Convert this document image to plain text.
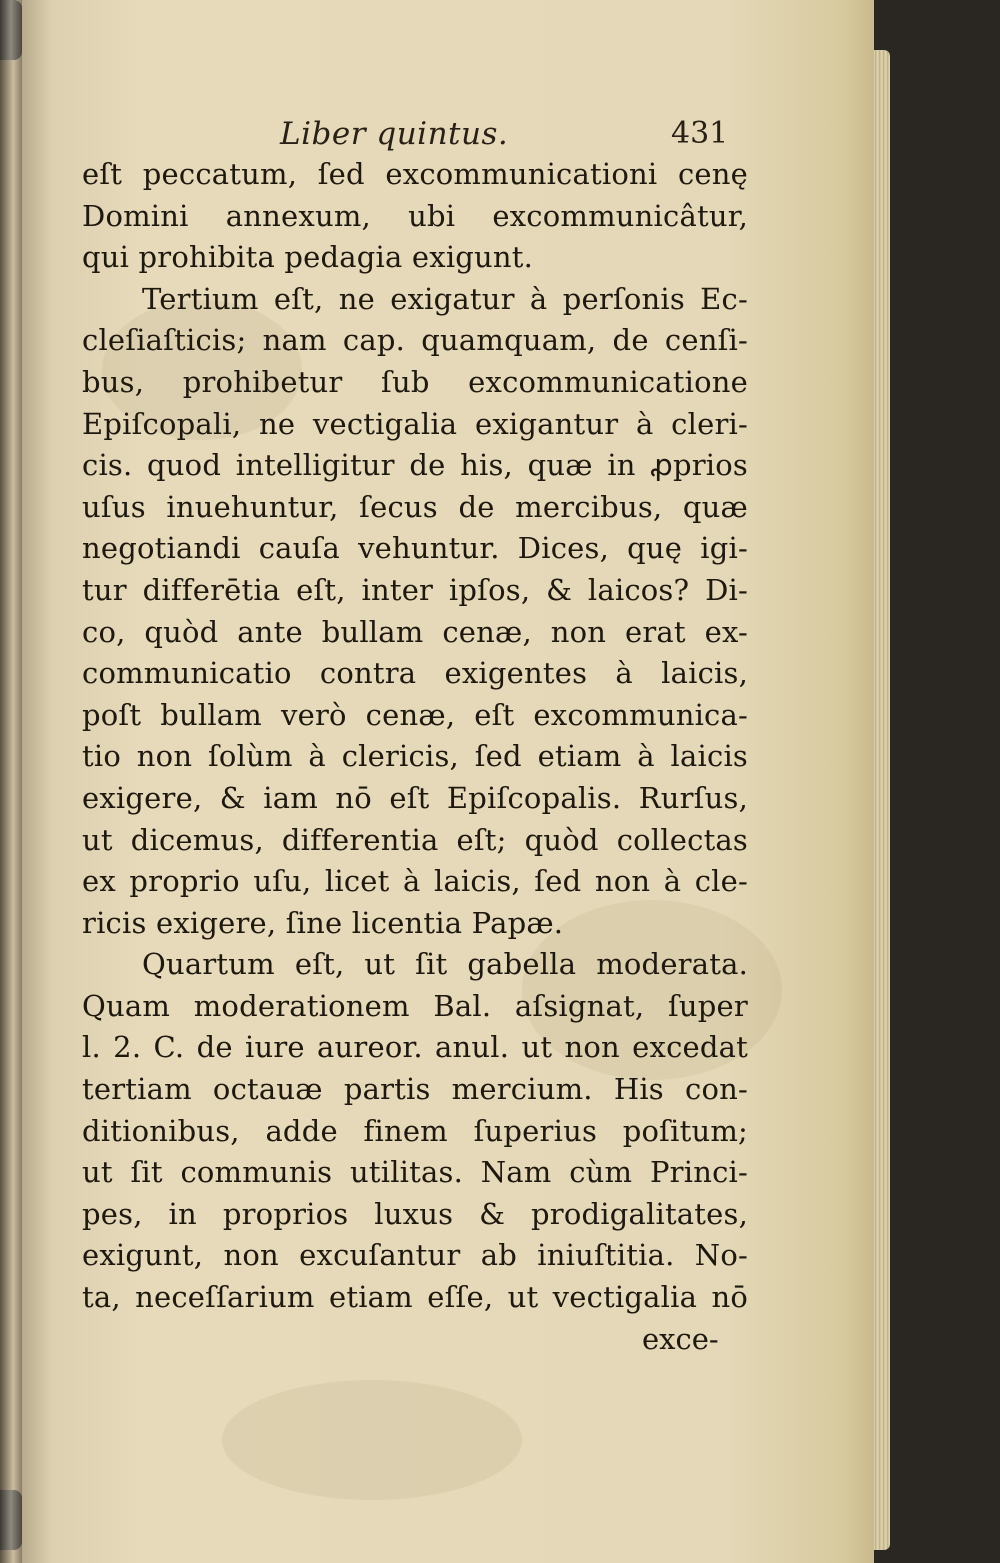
Liber quintus.	431
eſt peccatum, ſed excommunicationi cenę
Domini annexum, ubi excommunicâtur,
qui prohibita pedagia exigunt.
Tertium eſt, ne exigatur à perſonis Ec-
cleſiaſticis; nam cap. quamquam, de cenſi-
bus, prohibetur ſub excommunicatione
Epiſcopali, ne vectigalia exigantur à cleri-
cis. quod intelligitur de his, quæ in ꝓprios
uſus inuehuntur, ſecus de mercibus, quæ
negotiandi cauſa vehuntur. Dices, quę igi-
tur differētia eſt, inter ipſos, & laicos? Di-
co, quòd ante bullam cenæ, non erat ex-
communicatio contra exigentes à laicis,
poſt bullam verò cenæ, eſt excommunica-
tio non ſolùm à clericis, ſed etiam à laicis
exigere, & iam nō eſt Epiſcopalis. Rurſus,
ut dicemus, differentia eſt; quòd collectas
ex proprio uſu, licet à laicis, ſed non à cle-
ricis exigere, ſine licentia Papæ.
Quartum eſt, ut ſit gabella moderata.
Quam moderationem Bal. aſsignat, ſuper
l. 2. C. de iure aureor. anul. ut non excedat
tertiam octauæ partis mercium. His con-
ditionibus, adde finem ſuperius poſitum;
ut ſit communis utilitas. Nam cùm Princi-
pes, in proprios luxus & prodigalitates,
exigunt, non excuſantur ab iniuſtitia. No-
ta, neceſſarium etiam eſſe, ut vectigalia nō
exce-
